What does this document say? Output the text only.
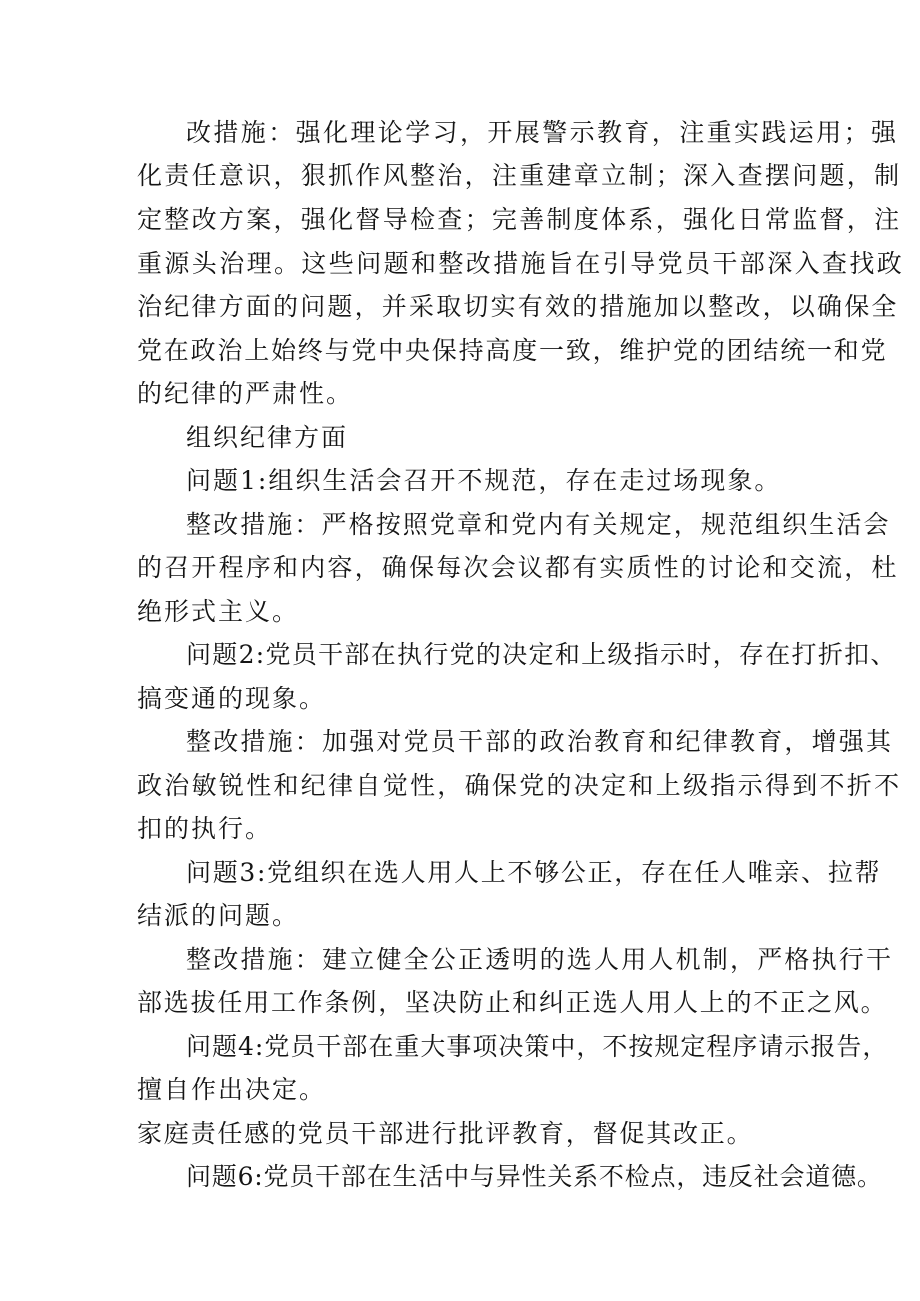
改措施：强化理论学习，开展警示教育，注重实践运用；强
化责任意识，狠抓作风整治，注重建章立制；深入查摆问题，制
定整改方案，强化督导检查；完善制度体系，强化日常监督，注
重源头治理。这些问题和整改措施旨在引导党员干部深入查找政
治纪律方面的问题，并采取切实有效的措施加以整改，以确保全
党在政治上始终与党中央保持高度一致，维护党的团结统一和党
的纪律的严肃性。
组织纪律方面
问题1:组织生活会召开不规范，存在走过场现象。
整改措施：严格按照党章和党内有关规定，规范组织生活会
的召开程序和内容，确保每次会议都有实质性的讨论和交流，杜
绝形式主义。
问题2:党员干部在执行党的决定和上级指示时，存在打折扣、
搞变通的现象。
整改措施：加强对党员干部的政治教育和纪律教育，增强其
政治敏锐性和纪律自觉性，确保党的决定和上级指示得到不折不
扣的执行。
问题3:党组织在选人用人上不够公正，存在任人唯亲、拉帮
结派的问题。
整改措施：建立健全公正透明的选人用人机制，严格执行干
部选拔任用工作条例，坚决防止和纠正选人用人上的不正之风。
问题4:党员干部在重大事项决策中，不按规定程序请示报告，
擅自作出决定。
家庭责任感的党员干部进行批评教育，督促其改正。
问题6:党员干部在生活中与异性关系不检点，违反社会道德。
